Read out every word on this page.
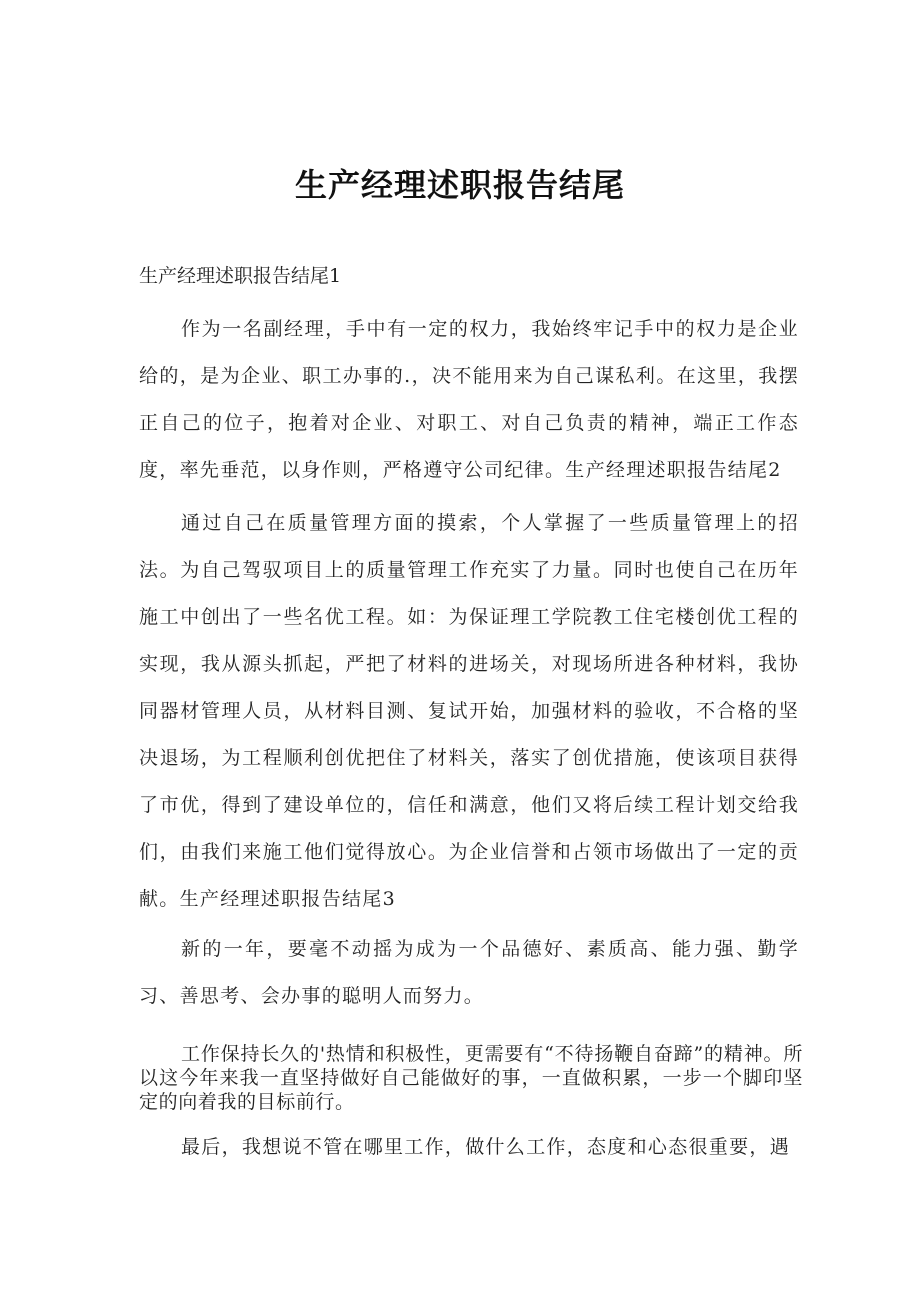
生产经理述职报告结尾
生产经理述职报告结尾1
作为一名副经理，手中有一定的权力，我始终牢记手中的权力是企业给的，是为企业、职工办事的.，决不能用来为自己谋私利。在这里，我摆正自己的位子，抱着对企业、对职工、对自己负责的精神，端正工作态度，率先垂范，以身作则，严格遵守公司纪律。生产经理述职报告结尾2
通过自己在质量管理方面的摸索，个人掌握了一些质量管理上的招法。为自己驾驭项目上的质量管理工作充实了力量。同时也使自己在历年施工中创出了一些名优工程。如：为保证理工学院教工住宅楼创优工程的实现，我从源头抓起，严把了材料的进场关，对现场所进各种材料，我协同器材管理人员，从材料目测、复试开始，加强材料的验收，不合格的坚决退场，为工程顺利创优把住了材料关，落实了创优措施，使该项目获得了市优，得到了建设单位的，信任和满意，他们又将后续工程计划交给我们，由我们来施工他们觉得放心。为企业信誉和占领市场做出了一定的贡献。生产经理述职报告结尾3
新的一年，要毫不动摇为成为一个品德好、素质高、能力强、勤学习、善思考、会办事的聪明人而努力。
工作保持长久的'热情和积极性，更需要有“不待扬鞭自奋蹄”的精神。所以这今年来我一直坚持做好自己能做好的事，一直做积累，一步一个脚印坚定的向着我的目标前行。
最后，我想说不管在哪里工作，做什么工作，态度和心态很重要，遇
